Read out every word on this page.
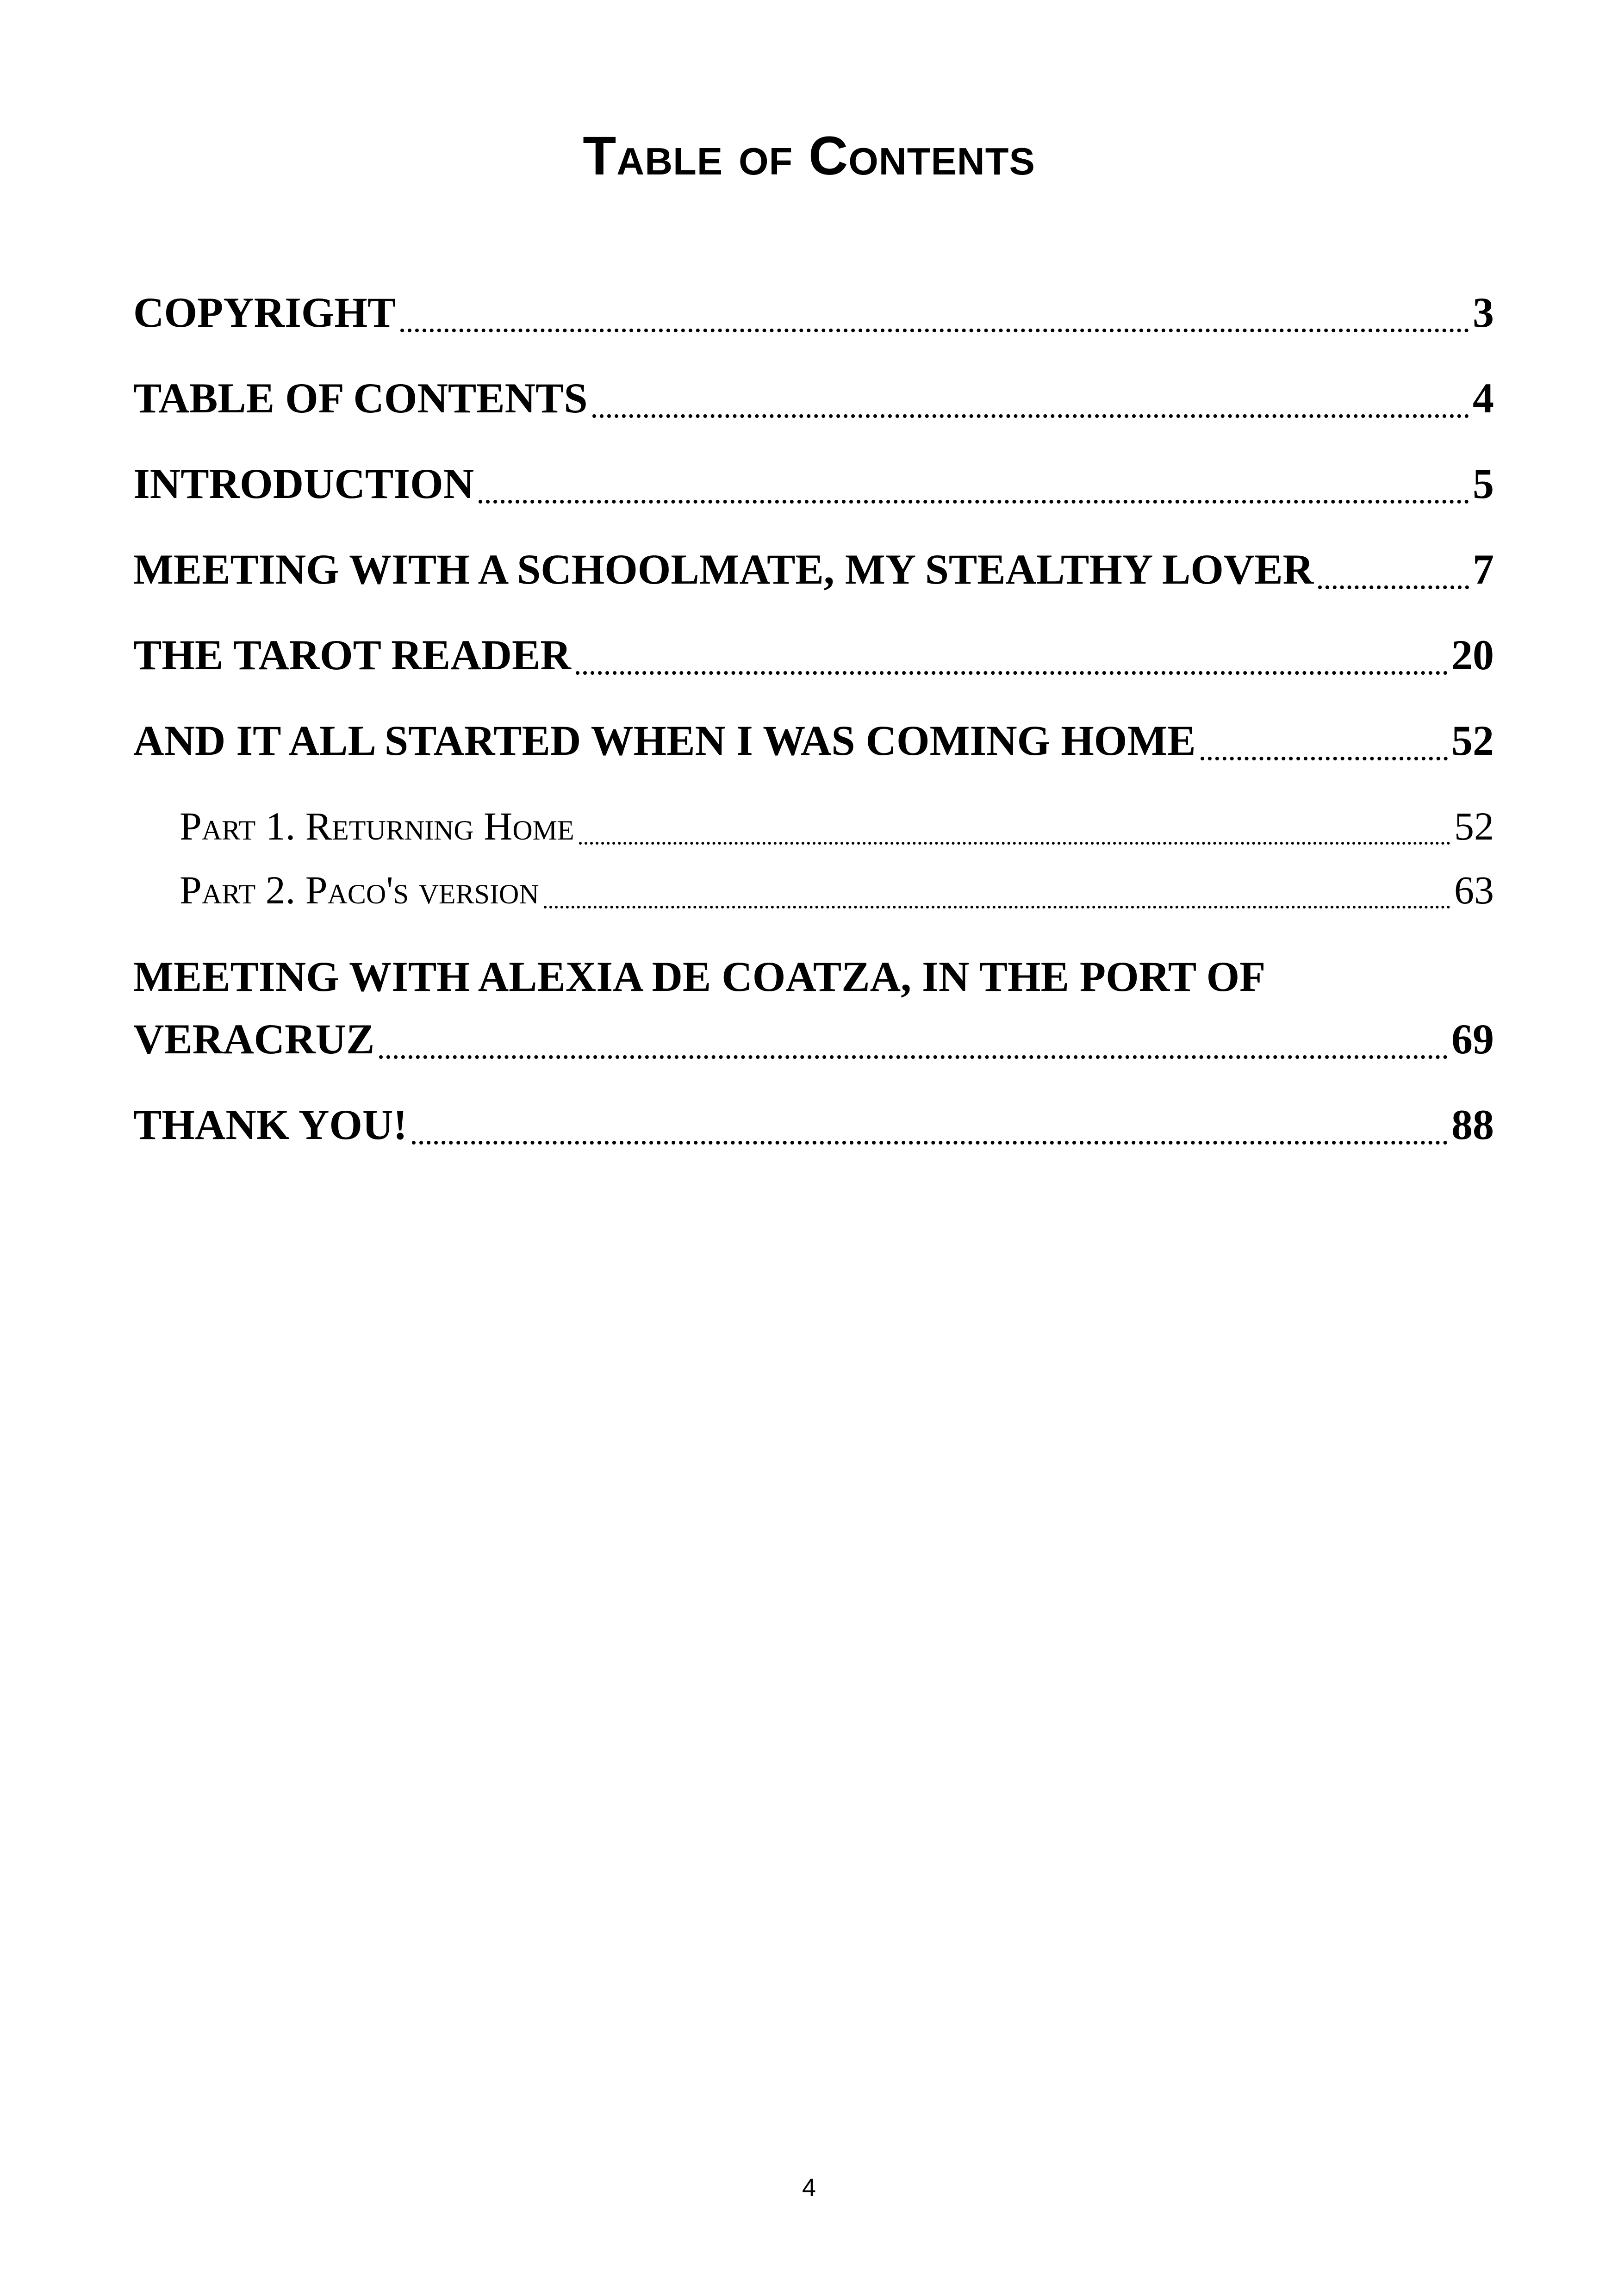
Table of Contents
COPYRIGHT	3
TABLE OF CONTENTS	4
INTRODUCTION	5
MEETING WITH A SCHOOLMATE, MY STEALTHY LOVER	7
THE TAROT READER	20
AND IT ALL STARTED WHEN I WAS COMING HOME	52
Part 1. Returning Home	52
Part 2. Paco's version	63
MEETING WITH ALEXIA DE COATZA, IN THE PORT OF
VERACRUZ	69
THANK YOU!	88
4
